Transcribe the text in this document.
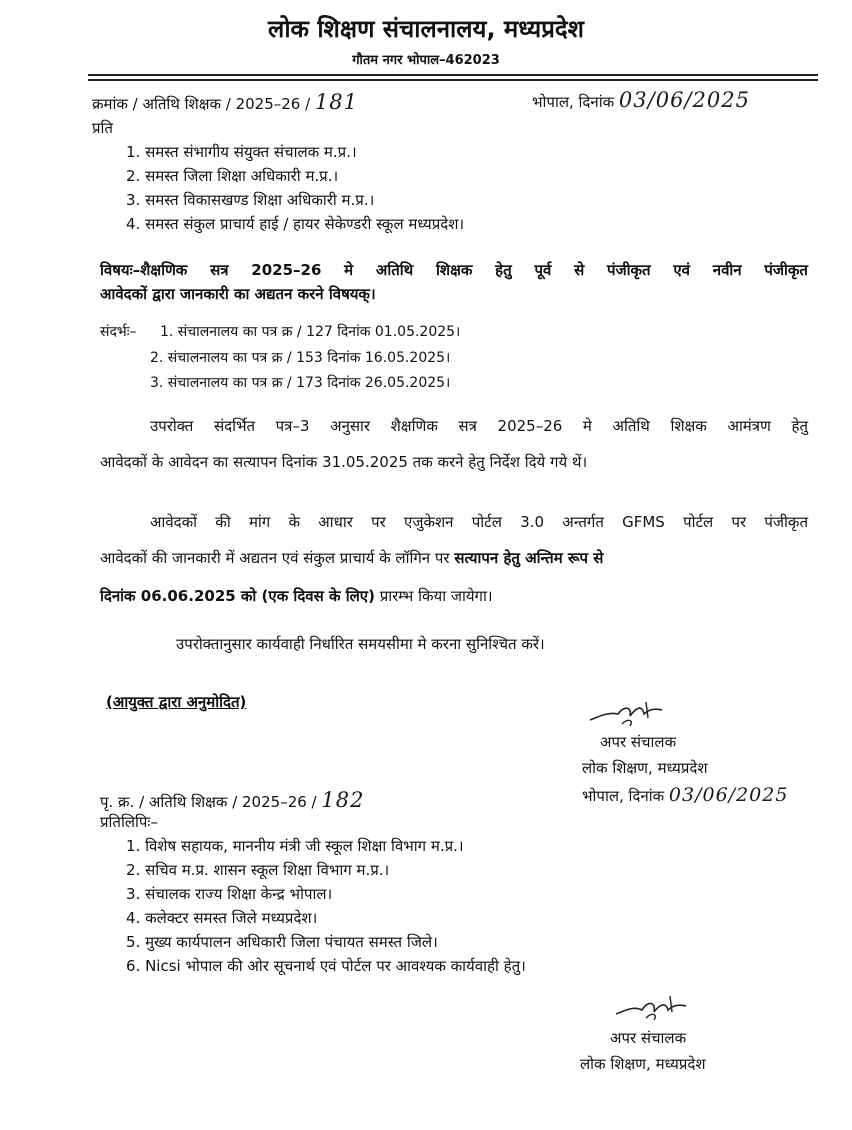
लोक शिक्षण संचालनालय, मध्यप्रदेश
गौतम नगर भोपाल–462023
क्रमांक / अतिथि शिक्षक / 2025–26 / 181	भोपाल, दिनांक 03/06/2025
प्रति
1. समस्त संभागीय संयुक्त संचालक म.प्र.।
2. समस्त जिला शिक्षा अधिकारी म.प्र.।
3. समस्त विकासखण्ड शिक्षा अधिकारी म.प्र.।
4. समस्त संकुल प्राचार्य हाई / हायर सेकेण्डरी स्कूल मध्यप्रदेश।
विषयः–शैक्षणिक सत्र 2025–26 मे अतिथि शिक्षक हेतु पूर्व से पंजीकृत एवं नवीन पंजीकृत
आवेदकों द्वारा जानकारी का अद्यतन करने विषयक्।
संदर्भः– 1. संचालनालय का पत्र क्र / 127 दिनांक 01.05.2025।
2. संचालनालय का पत्र क्र / 153 दिनांक 16.05.2025।
3. संचालनालय का पत्र क्र / 173 दिनांक 26.05.2025।
उपरोक्त संदर्भित पत्र–3 अनुसार शैक्षणिक सत्र 2025–26 मे अतिथि शिक्षक आमंत्रण हेतु
आवेदकों के आवेदन का सत्यापन दिनांक 31.05.2025 तक करने हेतु निर्देश दिये गये थें।
आवेदकों की मांग के आधार पर एजुकेशन पोर्टल 3.0 अन्तर्गत GFMS पोर्टल पर पंजीकृत
आवेदकों की जानकारी में अद्यतन एवं संकुल प्राचार्य के लॉगिन पर सत्यापन हेतु अन्तिम रूप से
दिनांक 06.06.2025 को (एक दिवस के लिए) प्रारम्भ किया जायेगा।
उपरोक्तानुसार कार्यवाही निर्धारित समयसीमा मे करना सुनिश्चित करें।
(आयुक्त द्वारा अनुमोदित)
अपर संचालक
लोक शिक्षण, मध्यप्रदेश
पृ. क्र. / अतिथि शिक्षक / 2025–26 / 182	भोपाल, दिनांक 03/06/2025
प्रतिलिपिः–
1. विशेष सहायक, माननीय मंत्री जी स्कूल शिक्षा विभाग म.प्र.।
2. सचिव म.प्र. शासन स्कूल शिक्षा विभाग म.प्र.।
3. संचालक राज्य शिक्षा केन्द्र भोपाल।
4. कलेक्टर समस्त जिले मध्यप्रदेश।
5. मुख्य कार्यपालन अधिकारी जिला पंचायत समस्त जिले।
6. Nicsi भोपाल की ओर सूचनार्थ एवं पोर्टल पर आवश्यक कार्यवाही हेतु।
अपर संचालक
लोक शिक्षण, मध्यप्रदेश
